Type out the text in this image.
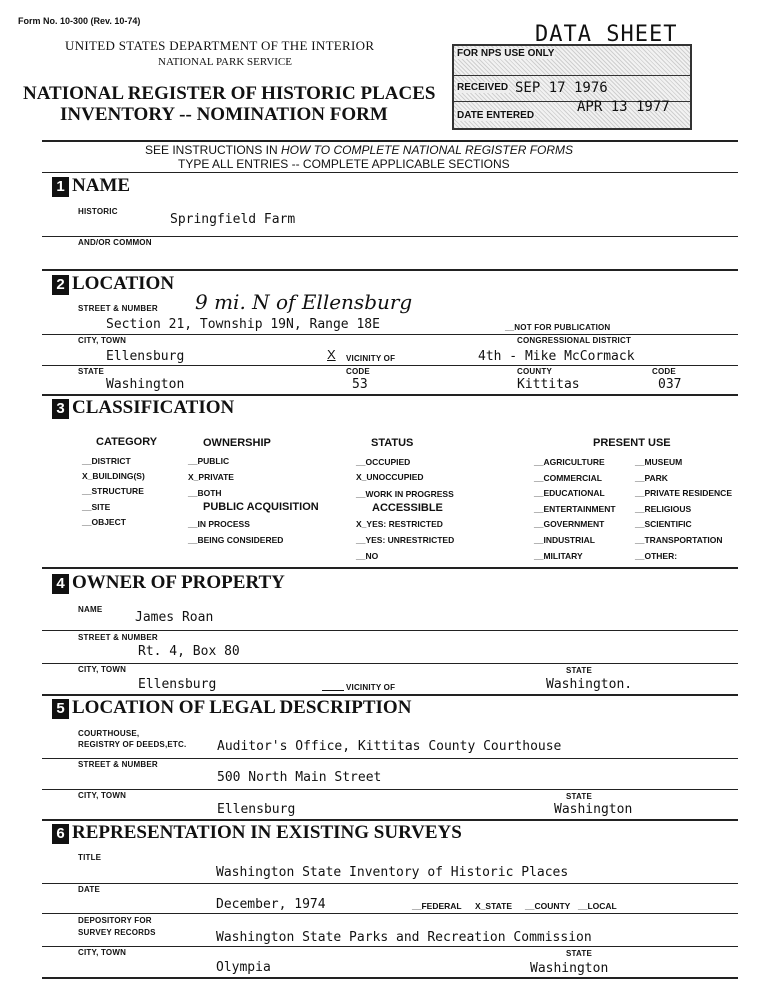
Form No. 10-300 (Rev. 10-74)
UNITED STATES DEPARTMENT OF THE INTERIOR
NATIONAL PARK SERVICE
NATIONAL REGISTER OF HISTORIC PLACES
INVENTORY -- NOMINATION FORM
FOR NPS USE ONLY
RECEIVED
DATE ENTERED
DATA SHEET
SEP 17 1976
APR 13 1977
SEE INSTRUCTIONS IN HOW TO COMPLETE NATIONAL REGISTER FORMS
TYPE ALL ENTRIES -- COMPLETE APPLICABLE SECTIONS
1 NAME
HISTORIC
Springfield Farm
AND/OR COMMON
2 LOCATION
STREET & NUMBER 9 mi. N of Ellensburg
Section 21, Township 19N, Range 18E	__NOT FOR PUBLICATION
CITY, TOWN	CONGRESSIONAL DISTRICT
Ellensburg	X VICINITY OF	4th - Mike McCormack
STATE	CODE	COUNTY	CODE
Washington	53	Kittitas	037
3 CLASSIFICATION
CATEGORY	OWNERSHIP	STATUS	PRESENT USE
__DISTRICT
X_BUILDING(S)
__STRUCTURE
__SITE
__OBJECT
__PUBLIC
X_PRIVATE
__BOTH
PUBLIC ACQUISITION
__IN PROCESS
__BEING CONSIDERED
__OCCUPIED
X_UNOCCUPIED
__WORK IN PROGRESS
ACCESSIBLE
X_YES: RESTRICTED
__YES: UNRESTRICTED
__NO
__AGRICULTURE
__COMMERCIAL
__EDUCATIONAL
__ENTERTAINMENT
__GOVERNMENT
__INDUSTRIAL
__MILITARY
__MUSEUM
__PARK
__PRIVATE RESIDENCE
__RELIGIOUS
__SCIENTIFIC
__TRANSPORTATION
__OTHER:
4 OWNER OF PROPERTY
NAME
James Roan
STREET & NUMBER
Rt. 4, Box 80
CITY, TOWN	STATE
Ellensburg	VICINITY OF	Washington.
5 LOCATION OF LEGAL DESCRIPTION
COURTHOUSE,
REGISTRY OF DEEDS,ETC. Auditor's Office, Kittitas County Courthouse
STREET & NUMBER
500 North Main Street
CITY, TOWN	STATE
Ellensburg	Washington
6 REPRESENTATION IN EXISTING SURVEYS
TITLE
Washington State Inventory of Historic Places
DATE
December, 1974	__FEDERAL X_STATE __COUNTY __LOCAL
DEPOSITORY FOR
SURVEY RECORDS	Washington State Parks and Recreation Commission
CITY, TOWN	STATE
Olympia	Washington
